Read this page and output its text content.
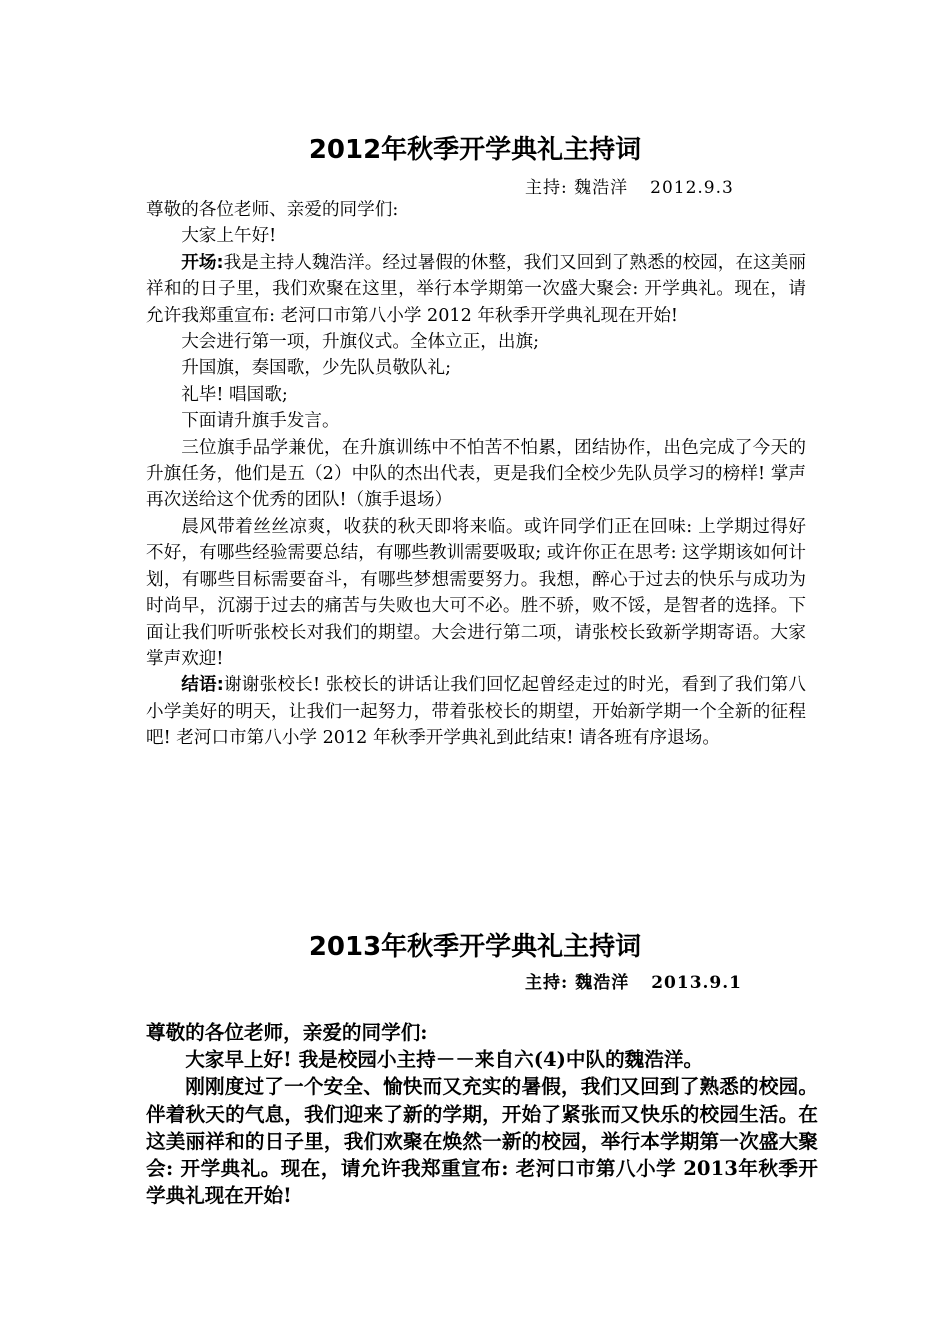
2012年秋季开学典礼主持词
主持: 魏浩洋 2012.9.3

尊敬的各位老师、亲爱的同学们:

大家上午好!

开场:我是主持人魏浩洋。经过暑假的休整，我们又回到了熟悉的校园，在这美丽祥和的日子里，我们欢聚在这里，举行本学期第一次盛大聚会: 开学典礼。现在，请允许我郑重宣布: 老河口市第八小学 2012 年秋季开学典礼现在开始!

大会进行第一项，升旗仪式。全体立正，出旗;

升国旗，奏国歌，少先队员敬队礼;

礼毕! 唱国歌;

下面请升旗手发言。

三位旗手品学兼优，在升旗训练中不怕苦不怕累，团结协作，出色完成了今天的升旗任务，他们是五（2）中队的杰出代表，更是我们全校少先队员学习的榜样! 掌声再次送给这个优秀的团队!（旗手退场）

晨风带着丝丝凉爽，收获的秋天即将来临。或许同学们正在回味: 上学期过得好不好，有哪些经验需要总结，有哪些教训需要吸取; 或许你正在思考: 这学期该如何计划，有哪些目标需要奋斗，有哪些梦想需要努力。我想，醉心于过去的快乐与成功为时尚早，沉溺于过去的痛苦与失败也大可不必。胜不骄，败不馁，是智者的选择。下面让我们听听张校长对我们的期望。大会进行第二项，请张校长致新学期寄语。大家掌声欢迎!

结语:谢谢张校长! 张校长的讲话让我们回忆起曾经走过的时光，看到了我们第八小学美好的明天，让我们一起努力，带着张校长的期望，开始新学期一个全新的征程吧! 老河口市第八小学 2012 年秋季开学典礼到此结束! 请各班有序退场。

2013年秋季开学典礼主持词
主持: 魏浩洋 2013.9.1

尊敬的各位老师，亲爱的同学们:

大家早上好! 我是校园小主持－－来自六(4)中队的魏浩洋。

刚刚度过了一个安全、愉快而又充实的暑假，我们又回到了熟悉的校园。伴着秋天的气息，我们迎来了新的学期，开始了紧张而又快乐的校园生活。在这美丽祥和的日子里，我们欢聚在焕然一新的校园，举行本学期第一次盛大聚会: 开学典礼。现在，请允许我郑重宣布: 老河口市第八小学 2013年秋季开学典礼现在开始!
